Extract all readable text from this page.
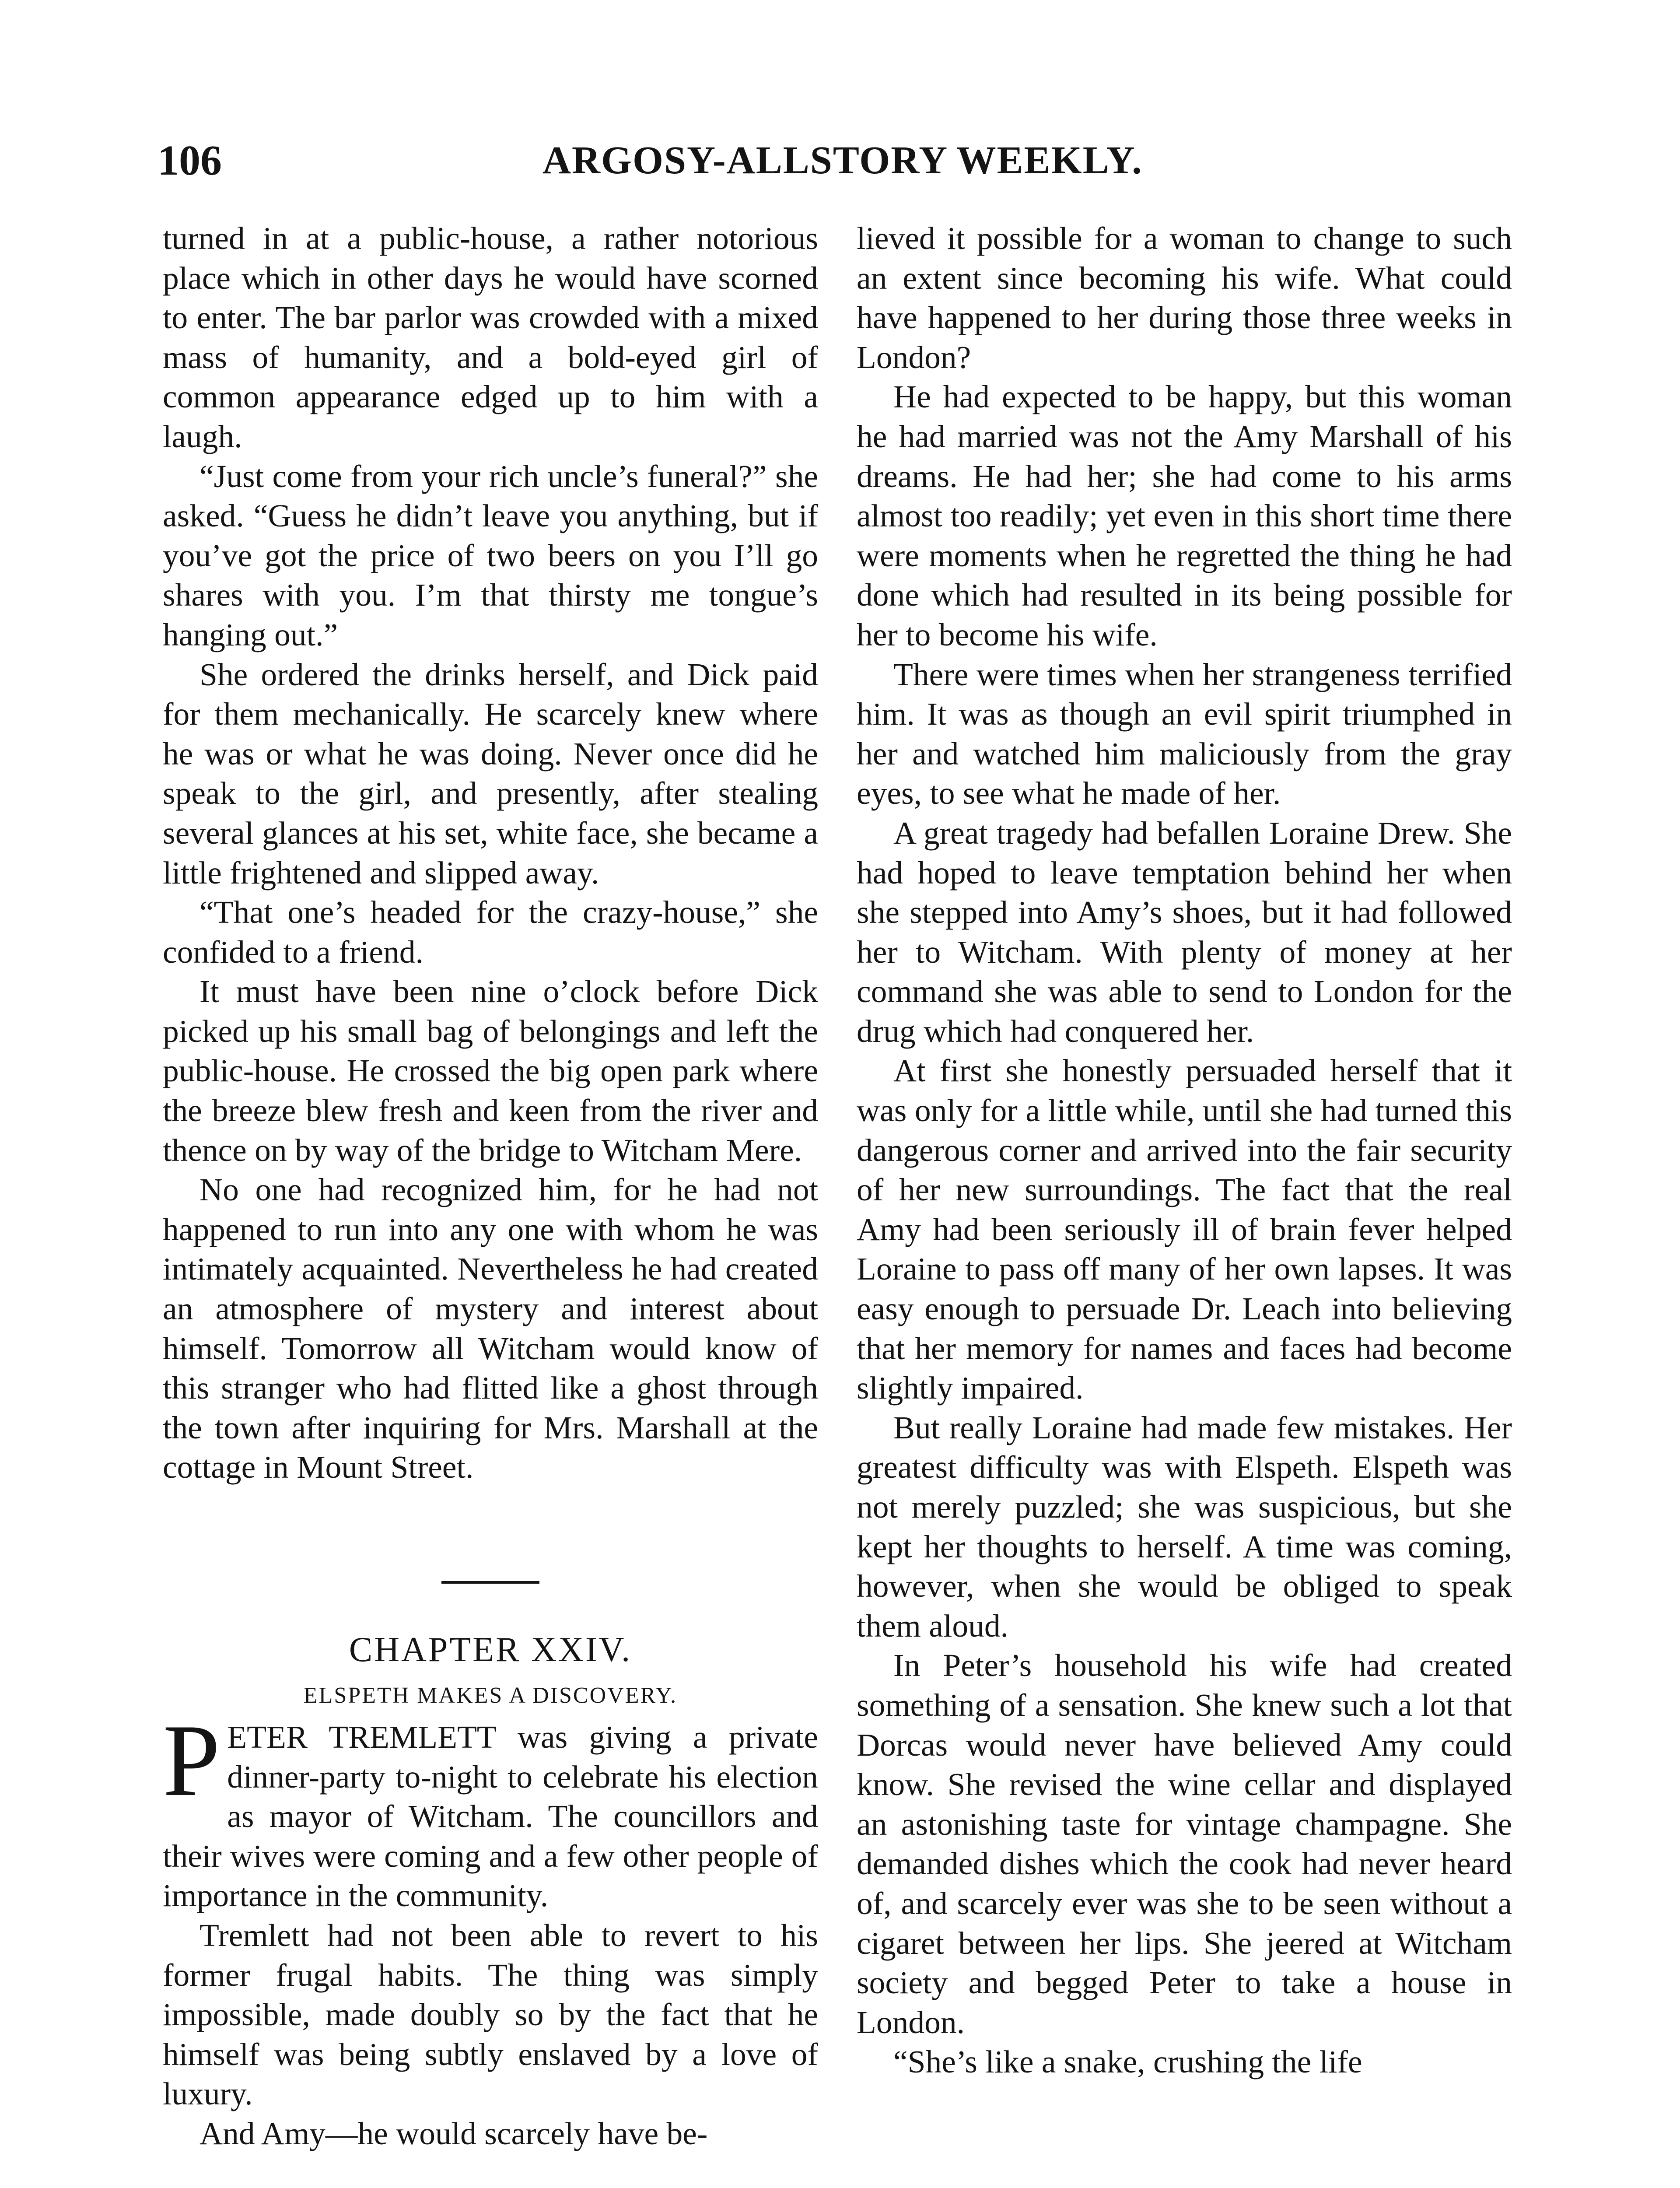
106	ARGOSY-ALLSTORY WEEKLY.

turned in at a public-house, a rather notorious place which in other days he would have scorned to enter. The bar parlor was crowded with a mixed mass of humanity, and a bold-eyed girl of common appearance edged up to him with a laugh.

“Just come from your rich uncle’s funeral?” she asked. “Guess he didn’t leave you anything, but if you’ve got the price of two beers on you I’ll go shares with you. I’m that thirsty me tongue’s hanging out.”

She ordered the drinks herself, and Dick paid for them mechanically. He scarcely knew where he was or what he was doing. Never once did he speak to the girl, and presently, after stealing several glances at his set, white face, she became a little frightened and slipped away.

“That one’s headed for the crazy-house,” she confided to a friend.

It must have been nine o’clock before Dick picked up his small bag of belongings and left the public-house. He crossed the big open park where the breeze blew fresh and keen from the river and thence on by way of the bridge to Witcham Mere.

No one had recognized him, for he had not happened to run into any one with whom he was intimately acquainted. Nevertheless he had created an atmosphere of mystery and interest about himself. Tomorrow all Witcham would know of this stranger who had flitted like a ghost through the town after inquiring for Mrs. Marshall at the cottage in Mount Street.

CHAPTER XXIV.

ELSPETH MAKES A DISCOVERY.

PETER TREMLETT was giving a private dinner-party to-night to celebrate his election as mayor of Witcham. The councillors and their wives were coming and a few other people of importance in the community.

Tremlett had not been able to revert to his former frugal habits. The thing was simply impossible, made doubly so by the fact that he himself was being subtly enslaved by a love of luxury.

And Amy—he would scarcely have be-

lieved it possible for a woman to change to such an extent since becoming his wife. What could have happened to her during those three weeks in London?

He had expected to be happy, but this woman he had married was not the Amy Marshall of his dreams. He had her; she had come to his arms almost too readily; yet even in this short time there were moments when he regretted the thing he had done which had resulted in its being possible for her to become his wife.

There were times when her strangeness terrified him. It was as though an evil spirit triumphed in her and watched him maliciously from the gray eyes, to see what he made of her.

A great tragedy had befallen Loraine Drew. She had hoped to leave temptation behind her when she stepped into Amy’s shoes, but it had followed her to Witcham. With plenty of money at her command she was able to send to London for the drug which had conquered her.

At first she honestly persuaded herself that it was only for a little while, until she had turned this dangerous corner and arrived into the fair security of her new surroundings. The fact that the real Amy had been seriously ill of brain fever helped Loraine to pass off many of her own lapses. It was easy enough to persuade Dr. Leach into believing that her memory for names and faces had become slightly impaired.

But really Loraine had made few mistakes. Her greatest difficulty was with Elspeth. Elspeth was not merely puzzled; she was suspicious, but she kept her thoughts to herself. A time was coming, however, when she would be obliged to speak them aloud.

In Peter’s household his wife had created something of a sensation. She knew such a lot that Dorcas would never have believed Amy could know. She revised the wine cellar and displayed an astonishing taste for vintage champagne. She demanded dishes which the cook had never heard of, and scarcely ever was she to be seen without a cigaret between her lips. She jeered at Witcham society and begged Peter to take a house in London.

“She’s like a snake, crushing the life
